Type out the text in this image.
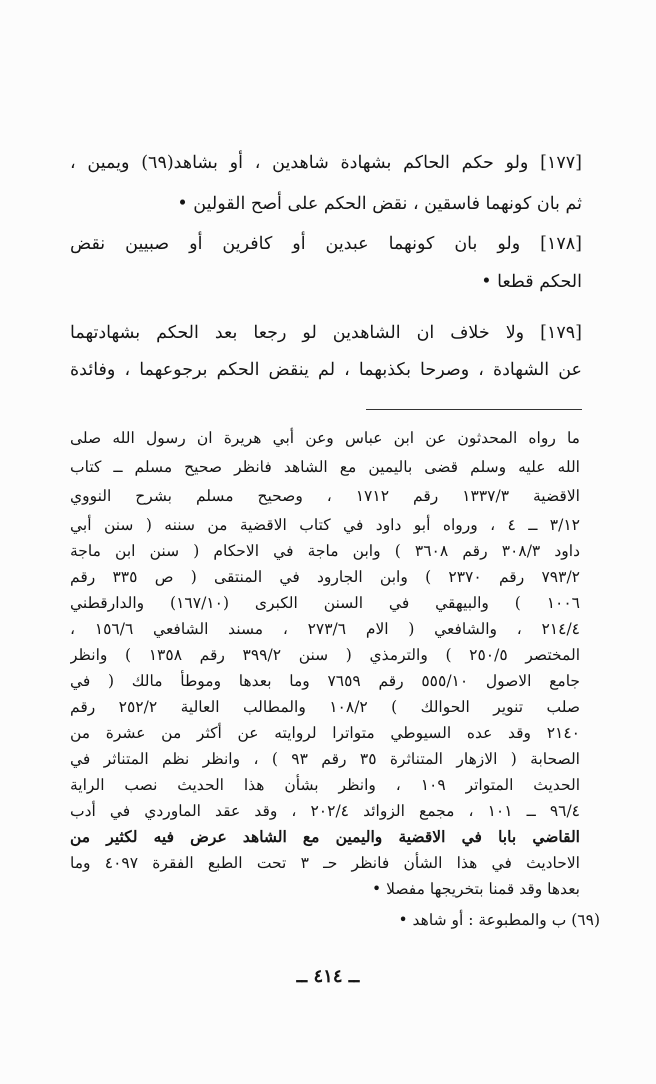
[١٧٧] ولو حكم الحاكم بشهادة شاهدين ، أو بشاهد(٦٩) ويمين ،
ثم بان كونهما فاسقين ، نقض الحكم على أصح القولين •
[١٧٨] ولو بان كونهما عبدين أو كافرين أو صبيين نقض
الحكم قطعا •
[١٧٩] ولا خلاف ان الشاهدين لو رجعا بعد الحكم بشهادتهما
عن الشهادة ، وصرحا بكذبهما ، لم ينقض الحكم برجوعهما ، وفائدة
ما رواه المحدثون عن ابن عباس وعن أبي هريرة ان رسول الله صلى
الله عليه وسلم قضى باليمين مع الشاهد فانظر صحيح مسلم ــ كتاب
الاقضية ١٣٣٧/٣ رقم ١٧١٢ ، وصحيح مسلم بشرح النووي
٣/١٢ ــ ٤ ، ورواه أبو داود في كتاب الاقضية من سننه ( سنن أبي
داود ٣٠٨/٣ رقم ٣٦٠٨ ) وابن ماجة في الاحكام ( سنن ابن ماجة
٧٩٣/٢ رقم ٢٣٧٠ ) وابن الجارود في المنتقى ( ص ٣٣٥ رقم
١٠٠٦ ) والبيهقي في السنن الكبرى (١٦٧/١٠) والدارقطني
٢١٤/٤ ، والشافعي ( الام ٢٧٣/٦ ، مسند الشافعي ١٥٦/٦ ،
المختصر ٢٥٠/٥ ) والترمذي ( سنن ٣٩٩/٢ رقم ١٣٥٨ ) وانظر
جامع الاصول ٥٥٥/١٠ رقم ٧٦٥٩ وما بعدها وموطأ مالك ( في
صلب تنوير الحوالك ) ١٠٨/٢ والمطالب العالية ٢٥٢/٢ رقم
٢١٤٠ وقد عده السيوطي متواترا لروايته عن أكثر من عشرة من
الصحابة ( الازهار المتناثرة ٣٥ رقم ٩٣ ) ، وانظر نظم المتناثر في
الحديث المتواتر ١٠٩ ، وانظر بشأن هذا الحديث نصب الراية
٩٦/٤ ــ ١٠١ ، مجمع الزوائد ٢٠٢/٤ ، وقد عقد الماوردي في أدب
القاضي بابا في الاقضية واليمين مع الشاهد عرض فيه لكثير من
الاحاديث في هذا الشأن فانظر حـ ٣ تحت الطبع الفقرة ٤٠٩٧ وما
بعدها وقد قمنا بتخريجها مفصلا •
(٦٩) ب والمطبوعة : أو شاهد •
ــ ٤١٤ ــ
